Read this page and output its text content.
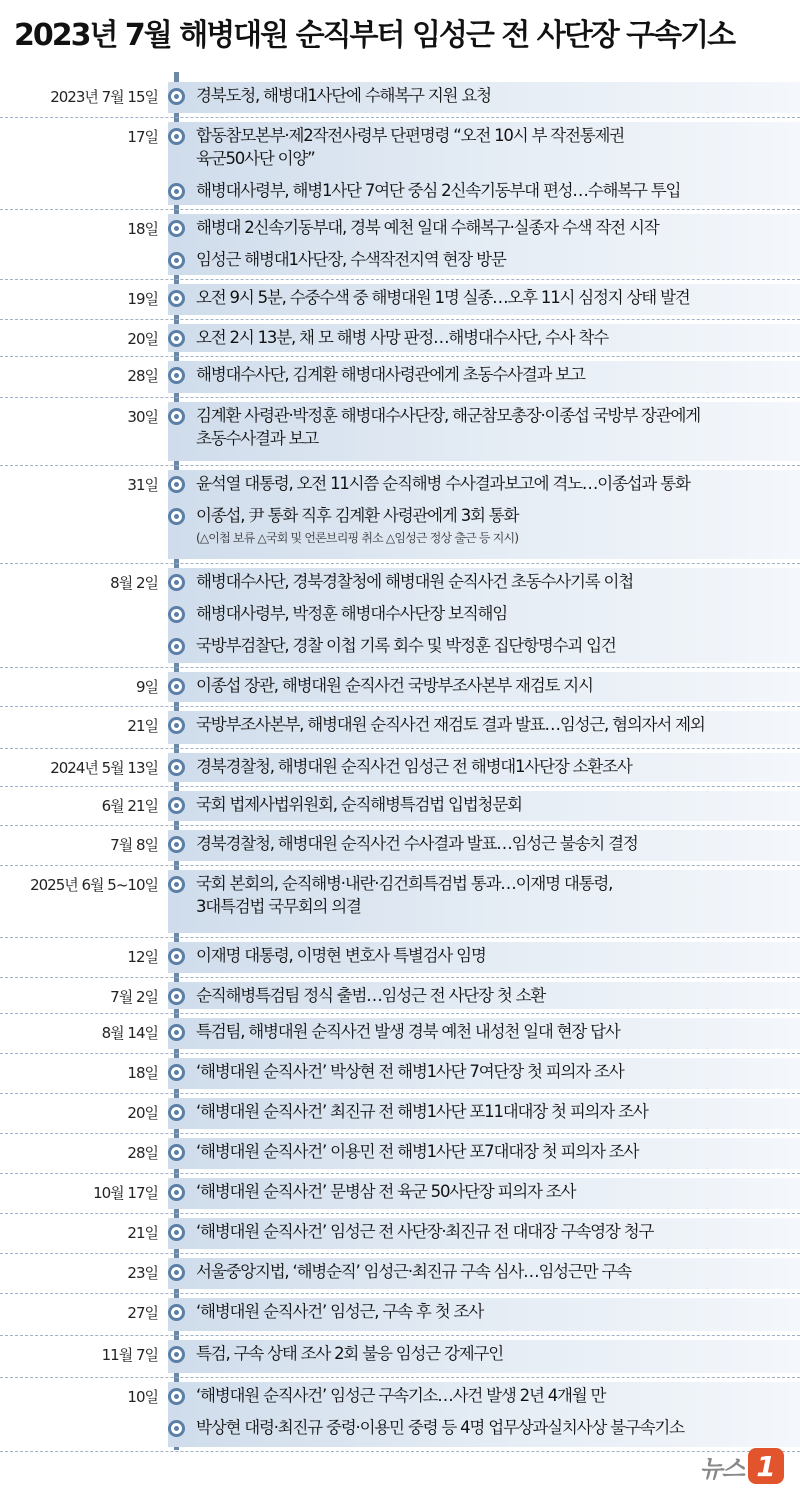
2023년 7월 해병대원 순직부터 임성근 전 사단장 구속기소
2023년 7월 15일 경북도청, 해병대1사단에 수해복구 지원 요청
17일 합동참모본부·제2작전사령부 단편명령 “오전 10시 부 작전통제권
육군50사단 이양”
해병대사령부, 해병1사단 7여단 중심 2신속기동부대 편성…수해복구 투입
18일 해병대 2신속기동부대, 경북 예천 일대 수해복구·실종자 수색 작전 시작
임성근 해병대1사단장, 수색작전지역 현장 방문
19일 오전 9시 5분, 수중수색 중 해병대원 1명 실종…오후 11시 심정지 상태 발견
20일 오전 2시 13분, 채 모 해병 사망 판정…해병대수사단, 수사 착수
28일 해병대수사단, 김계환 해병대사령관에게 초동수사결과 보고
30일 김계환 사령관·박정훈 해병대수사단장, 해군참모총장·이종섭 국방부 장관에게
초동수사결과 보고
31일 윤석열 대통령, 오전 11시쯤 순직해병 수사결과보고에 격노…이종섭과 통화
이종섭, 尹 통화 직후 김계환 사령관에게 3회 통화
(△이첩 보류 △국회 및 언론브리핑 취소 △임성근 정상 출근 등 지시)
8월 2일 해병대수사단, 경북경찰청에 해병대원 순직사건 초동수사기록 이첩
해병대사령부, 박정훈 해병대수사단장 보직해임
국방부검찰단, 경찰 이첩 기록 회수 및 박정훈 집단항명수괴 입건
9일 이종섭 장관, 해병대원 순직사건 국방부조사본부 재검토 지시
21일 국방부조사본부, 해병대원 순직사건 재검토 결과 발표…임성근, 혐의자서 제외
2024년 5월 13일 경북경찰청, 해병대원 순직사건 임성근 전 해병대1사단장 소환조사
6월 21일 국회 법제사법위원회, 순직해병특검법 입법청문회
7월 8일 경북경찰청, 해병대원 순직사건 수사결과 발표…임성근 불송치 결정
2025년 6월 5~10일 국회 본회의, 순직해병·내란·김건희특검법 통과…이재명 대통령,
3대특검법 국무회의 의결
12일 이재명 대통령, 이명현 변호사 특별검사 임명
7월 2일 순직해병특검팀 정식 출범…임성근 전 사단장 첫 소환
8월 14일 특검팀, 해병대원 순직사건 발생 경북 예천 내성천 일대 현장 답사
18일 ‘해병대원 순직사건’ 박상현 전 해병1사단 7여단장 첫 피의자 조사
20일 ‘해병대원 순직사건’ 최진규 전 해병1사단 포11대대장 첫 피의자 조사
28일 ‘해병대원 순직사건’ 이용민 전 해병1사단 포7대대장 첫 피의자 조사
10월 17일 ‘해병대원 순직사건’ 문병삼 전 육군 50사단장 피의자 조사
21일 ‘해병대원 순직사건’ 임성근 전 사단장·최진규 전 대대장 구속영장 청구
23일 서울중앙지법, ‘해병순직’ 임성근·최진규 구속 심사…임성근만 구속
27일 ‘해병대원 순직사건’ 임성근, 구속 후 첫 조사
11월 7일 특검, 구속 상태 조사 2회 불응 임성근 강제구인
10일 ‘해병대원 순직사건’ 임성근 구속기소…사건 발생 2년 4개월 만
박상현 대령·최진규 중령·이용민 중령 등 4명 업무상과실치사상 불구속기소
뉴스 1
